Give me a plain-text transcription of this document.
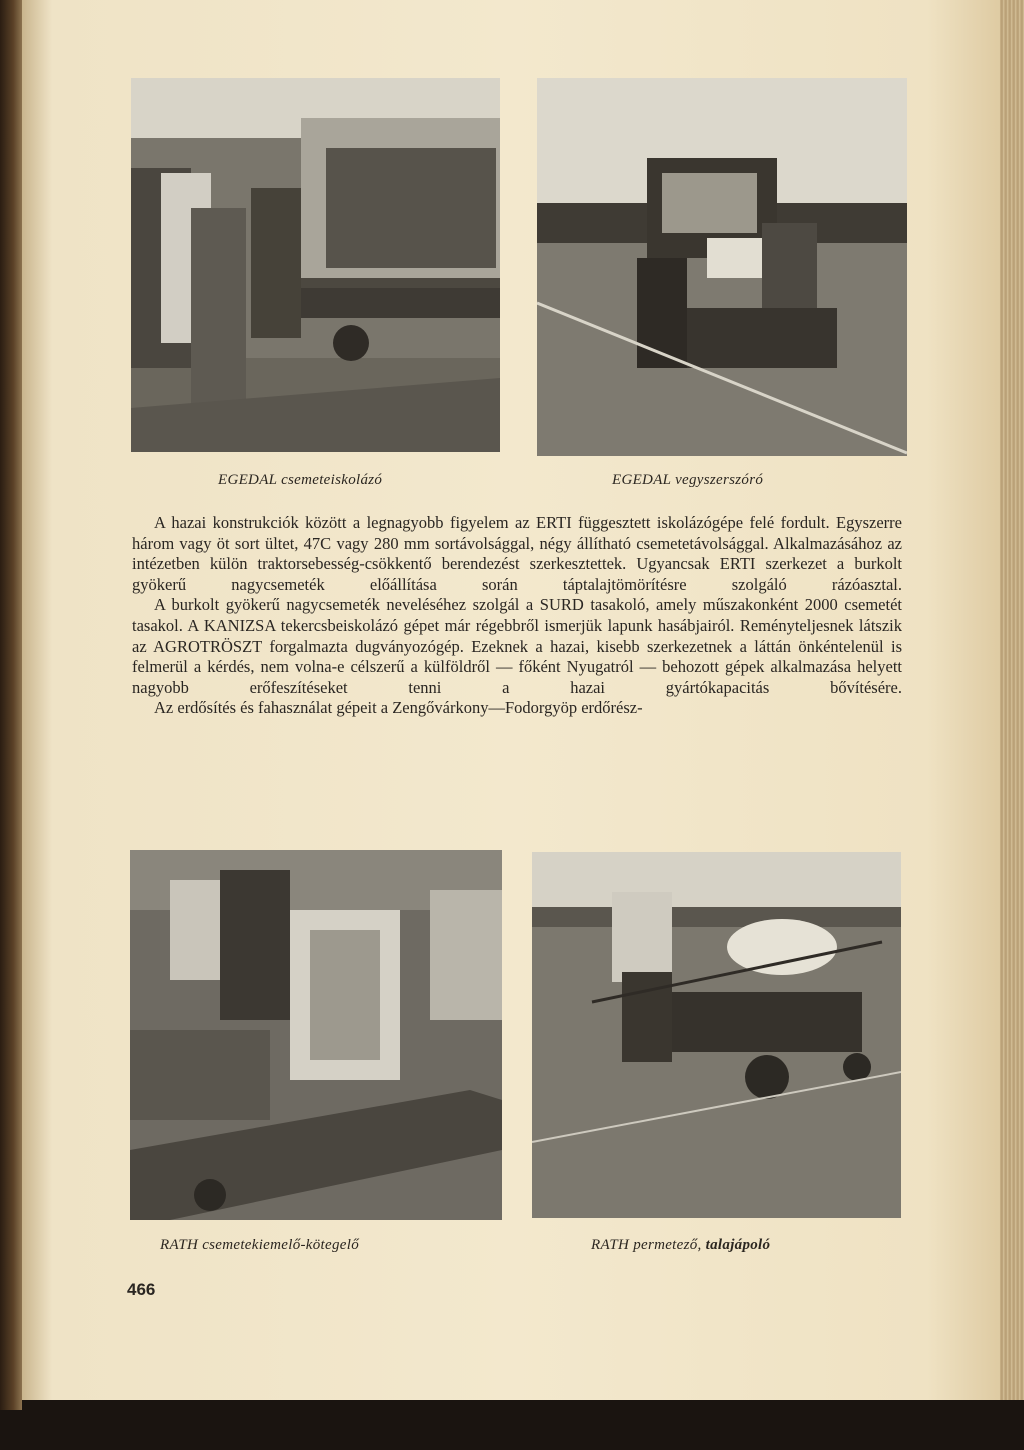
EGEDAL csemeteiskolázó	EGEDAL vegyszerszóró

A hazai konstrukciók között a legnagyobb figyelem az ERTI függesztett iskolázógépe felé fordult. Egyszerre három vagy öt sort ültet, 47C vagy 280 mm sortávolsággal, négy állítható csemetetávolsággal. Alkalmazásához az intézetben külön traktorsebesség-csökkentő berendezést szerkesztettek. Ugyancsak ERTI szerkezet a burkolt gyökerű nagycsemeték előállítása során táptalajtömörítésre szolgáló rázóasztal.

A burkolt gyökerű nagycsemeték neveléséhez szolgál a SURD tasakoló, amely műszakonként 2000 csemetét tasakol. A KANIZSA tekercsbeiskolázó gépet már régebbről ismerjük lapunk hasábjairól. Reményteljesnek látszik az AGROTRÖSZT forgalmazta dugványozógép. Ezeknek a hazai, kisebb szerkezetnek a láttán önkéntelenül is felmerül a kérdés, nem volna-e célszerű a külföldről — főként Nyugatról — behozott gépek alkalmazása helyett nagyobb erőfeszítéseket tenni a hazai gyártókapacitás bővítésére.

Az erdősítés és fahasználat gépeit a Zengővárkony—Fodorgyöp erdőrész-

RATH csemetekiemelő-kötegelő	RATH permetező, talajápoló
466
